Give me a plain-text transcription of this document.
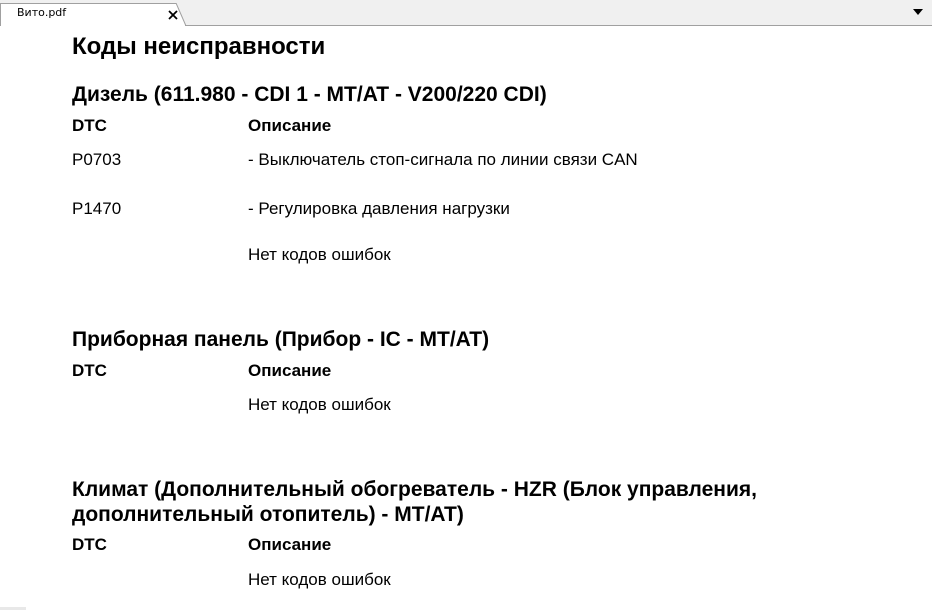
Вито.pdf
Коды неисправности
Дизель (611.980 - CDI 1 - MT/AT - V200/220 CDI)
DTC	Описание
P0703	- Выключатель стоп-сигнала по линии связи CAN
P1470	- Регулировка давления нагрузки
Нет кодов ошибок
Приборная панель (Прибор - IC - MT/AT)
DTC	Описание
Нет кодов ошибок
Климат (Дополнительный обогреватель - HZR (Блок управления,
дополнительный отопитель) - MT/AT)
DTC	Описание
Нет кодов ошибок
